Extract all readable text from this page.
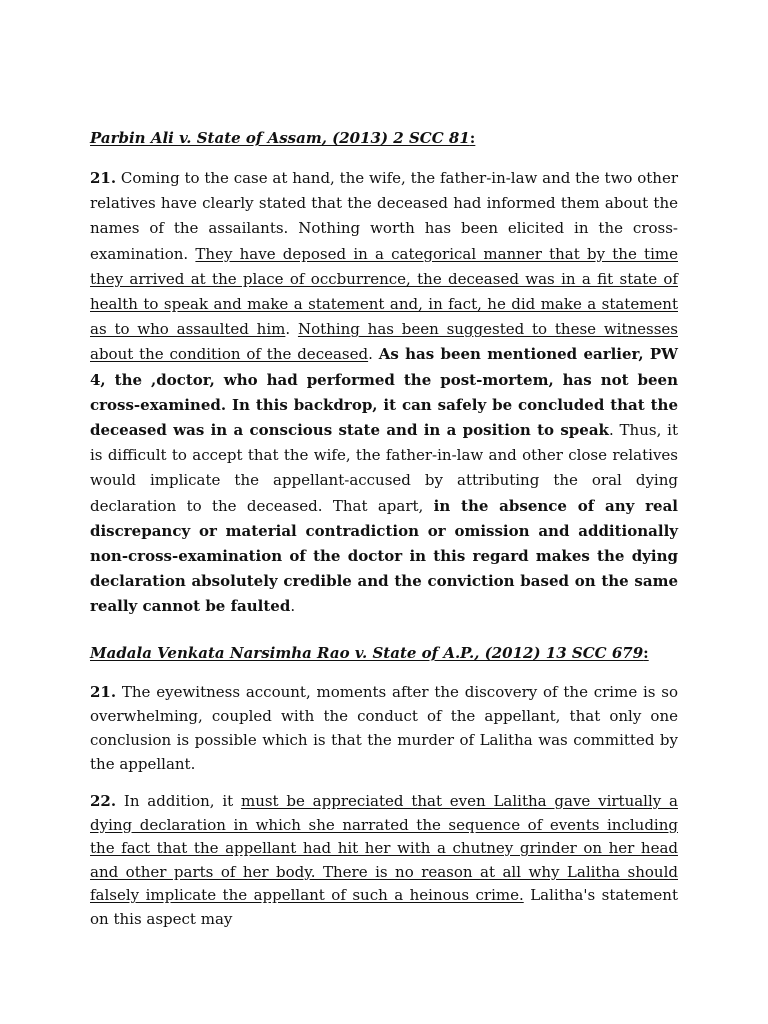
Parbin Ali v. State of Assam, (2013) 2 SCC 81:

21. Coming to the case at hand, the wife, the father-in-law and the two other relatives have clearly stated that the deceased had informed them about the names of the assailants. Nothing worth has been elicited in the cross-examination. They have deposed in a categorical manner that by the time they arrived at the place of occburrence, the deceased was in a fit state of health to speak and make a statement and, in fact, he did make a statement as to who assaulted him. Nothing has been suggested to these witnesses about the condition of the deceased. As has been mentioned earlier, PW 4, the ,doctor, who had performed the post-mortem, has not been cross-examined. In this backdrop, it can safely be concluded that the deceased was in a conscious state and in a position to speak. Thus, it is difficult to accept that the wife, the father-in-law and other close relatives would implicate the appellant-accused by attributing the oral dying declaration to the deceased. That apart, in the absence of any real discrepancy or material contradiction or omission and additionally non-cross-examination of the doctor in this regard makes the dying declaration absolutely credible and the conviction based on the same really cannot be faulted.

Madala Venkata Narsimha Rao v. State of A.P., (2012) 13 SCC 679:

21. The eyewitness account, moments after the discovery of the crime is so overwhelming, coupled with the conduct of the appellant, that only one conclusion is possible which is that the murder of Lalitha was committed by the appellant.

22. In addition, it must be appreciated that even Lalitha gave virtually a dying declaration in which she narrated the sequence of events including the fact that the appellant had hit her with a chutney grinder on her head and other parts of her body. There is no reason at all why Lalitha should falsely implicate the appellant of such a heinous crime. Lalitha's statement on this aspect may
